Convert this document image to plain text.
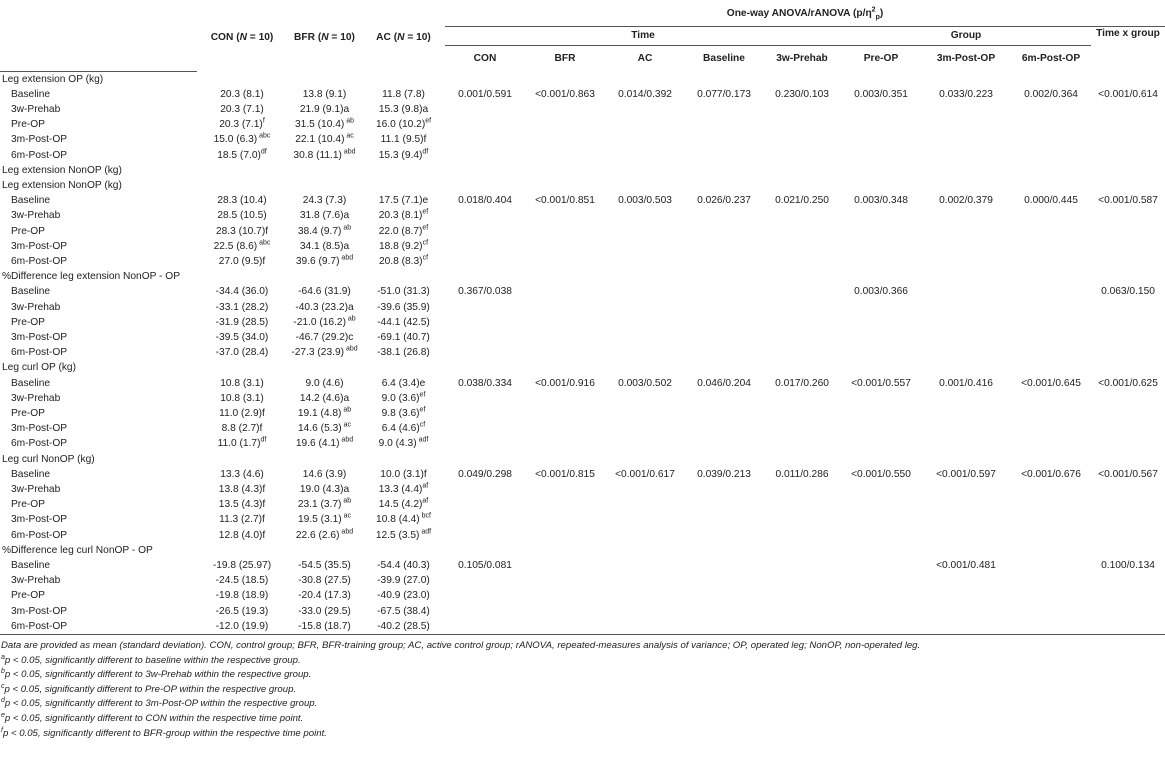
				One-way ANOVA/rANOVA $(p/\eta^2_p)$								
	CON (N = 10)	BFR (N = 10)	AC (N = 10)	Time					Group			Time x group
				CON	BFR	AC	Baseline	3w-Prehab	Pre-OP	3m-Post-OP	6m-Post-OP	
Leg extension OP (kg)												
Baseline	20.3 (8.1)	13.8 (9.1)	11.8 (7.8)	0.001/0.591	<0.001/0.863	0.014/0.392	0.077/0.173	0.230/0.103	0.003/0.351	0.033/0.223	0.002/0.364	<0.001/0.614
3w-Prehab	20.3 (7.1)	21.9 (9.1)a	15.3 (9.8)a									
Pre-OP	20.3 $(7.1)^f$	31.5 (10.4) $^{ab}$	16.0 $(10.2)^{ef}$									
3m-Post-OP	15.0 (6.3) $^{abc}$	22.1 (10.4) $^{ac}$	11.1 (9.5)f									
6m-Post-OP	18.5 $(7.0)^{df}$	30.8 (11.1) $^{abd}$	15.3 $(9.4)^{df}$									
Leg extension NonOP (kg)												
Leg extension NonOP (kg)												
Baseline	28.3 (10.4)	24.3 (7.3)	17.5 (7.1)e	0.018/0.404	<0.001/0.851	0.003/0.503	0.026/0.237	0.021/0.250	0.003/0.348	0.002/0.379	0.000/0.445	<0.001/0.587
3w-Prehab	28.5 (10.5)	31.8 (7.6)a	20.3 $(8.1)^{ef}$									
Pre-OP	28.3 (10.7)f	38.4 (9.7) $^{ab}$	22.0 $(8.7)^{ef}$									
3m-Post-OP	22.5 (8.6) $^{abc}$	34.1 (8.5)a	18.8 $(9.2)^{cf}$									
6m-Post-OP	27.0 (9.5)f	39.6 (9.7) $^{abd}$	20.8 $(8.3)^{cf}$									
%Difference leg extension NonOP - OP												
Baseline	-34.4 (36.0)	-64.6 (31.9)	-51.0 (31.3)	0.367/0.038					0.003/0.366			0.063/0.150
3w-Prehab	-33.1 (28.2)	-40.3 (23.2)a	-39.6 (35.9)									
Pre-OP	-31.9 (28.5)	-21.0 (16.2) $^{ab}$	-44.1 (42.5)									
3m-Post-OP	-39.5 (34.0)	-46.7 (29.2)c	-69.1 (40.7)									
6m-Post-OP	-37.0 (28.4)	-27.3 (23.9) $^{abd}$	-38.1 (26.8)									
Leg curl OP (kg)												
Baseline	10.8 (3.1)	9.0 (4.6)	6.4 (3.4)e	0.038/0.334	<0.001/0.916	0.003/0.502	0.046/0.204	0.017/0.260	<0.001/0.557	0.001/0.416	<0.001/0.645	<0.001/0.625
3w-Prehab	10.8 (3.1)	14.2 (4.6)a	9.0 $(3.6)^{ef}$									
Pre-OP	11.0 (2.9)f	19.1 (4.8) $^{ab}$	9.8 $(3.6)^{ef}$									
3m-Post-OP	8.8 (2.7)f	14.6 (5.3) $^{ac}$	6.4 $(4.6)^{cf}$									
6m-Post-OP	11.0 $(1.7)^{df}$	19.6 (4.1) $^{abd}$	9.0 (4.3) $^{adf}$									
Leg curl NonOP (kg)												
Baseline	13.3 (4.6)	14.6 (3.9)	10.0 (3.1)f	0.049/0.298	<0.001/0.815	<0.001/0.617	0.039/0.213	0.011/0.286	<0.001/0.550	<0.001/0.597	<0.001/0.676	<0.001/0.567
3w-Prehab	13.8 (4.3)f	19.0 (4.3)a	13.3 $(4.4)^{af}$									
Pre-OP	13.5 (4.3)f	23.1 (3.7) $^{ab}$	14.5 $(4.2)^{af}$									
3m-Post-OP	11.3 (2.7)f	19.5 (3.1) $^{ac}$	10.8 (4.4) $^{bcf}$									
6m-Post-OP	12.8 (4.0)f	22.6 (2.6) $^{abd}$	12.5 (3.5) $^{adf}$									
%Difference leg curl NonOP - OP												
Baseline	-19.8 (25.97)	-54.5 (35.5)	-54.4 (40.3)	0.105/0.081						<0.001/0.481		0.100/0.134
3w-Prehab	-24.5 (18.5)	-30.8 (27.5)	-39.9 (27.0)									
Pre-OP	-19.8 (18.9)	-20.4 (17.3)	-40.9 (23.0)									
3m-Post-OP	-26.5 (19.3)	-33.0 (29.5)	-67.5 (38.4)									
6m-Post-OP	-12.0 (19.9)	-15.8 (18.7)	-40.2 (28.5)									
Data are provided as mean (standard deviation). CON, control group; BFR, BFR-training group; AC, active control group; rANOVA, repeated-measures analysis of variance; OP, operated leg; NonOP, non-operated leg.
$^a$p < 0.05, significantly different to baseline within the respective group.
$^b$p < 0.05, significantly different to 3w-Prehab within the respective group.
$^c$p < 0.05, significantly different to Pre-OP within the respective group.
$^d$p < 0.05, significantly different to 3m-Post-OP within the respective group.
$^e$p < 0.05, significantly different to CON within the respective time point.
$^f$p < 0.05, significantly different to BFR-group within the respective time point.
